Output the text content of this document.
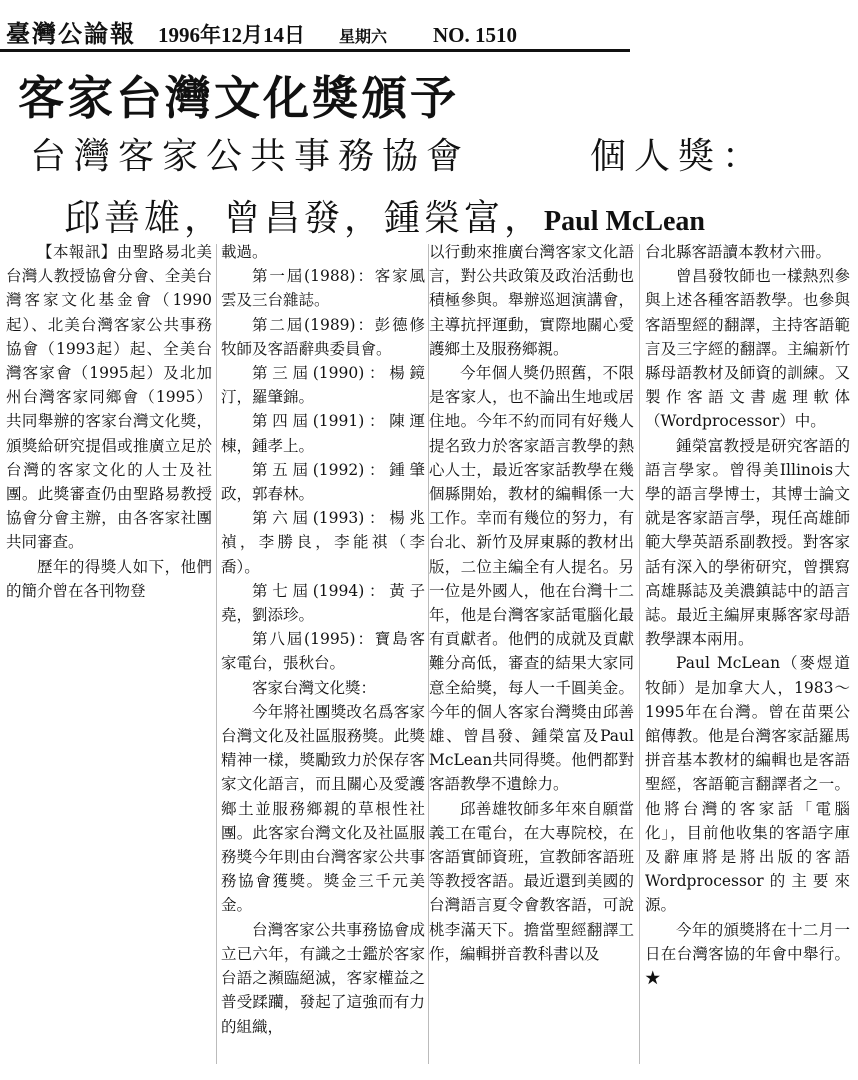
臺灣公論報 1996年12月14日 星期六 NO. 1510
客家台灣文化獎頒予
台灣客家公共事務協會	個人獎：
邱善雄，曾昌發，鍾榮富，Paul McLean

【本報訊】由聖路易北美台灣人教授協會分會、全美台灣客家文化基金會（1990起）、北美台灣客家公共事務協會（1993起）起、全美台灣客家會（1995起）及北加州台灣客家同鄉會（1995）共同舉辦的客家台灣文化獎，頒獎給研究提倡或推廣立足於台灣的客家文化的人士及社團。此獎審查仍由聖路易教授協會分會主辦，由各客家社團共同審查。

歷年的得獎人如下，他們的簡介曾在各刊物登

載過。

第一屆(1988)：客家風雲及三台雜誌。

第二屆(1989)：彭德修牧師及客語辭典委員會。

第三屆(1990)：楊鏡汀，羅肇錦。

第四屆(1991)：陳運棟，鍾孝上。

第五屆(1992)：鍾肇政，郭春林。

第六屆(1993)：楊兆禎，李勝良，李能祺（李喬）。

第七屆(1994)：黃子堯，劉添珍。

第八屆(1995)：寶島客家電台，張秋台。

客家台灣文化獎：

今年將社團獎改名爲客家台灣文化及社區服務獎。此獎精神一樣，獎勵致力於保存客家文化語言，而且關心及愛護鄉土並服務鄉親的草根性社團。此客家台灣文化及社區服務獎今年則由台灣客家公共事務協會獲獎。獎金三千元美金。

台灣客家公共事務協會成立已六年，有識之士鑑於客家台語之瀕臨絕滅，客家權益之普受蹂躪，發起了這強而有力的組織，

以行動來推廣台灣客家文化語言，對公共政策及政治活動也積極參與。舉辦巡迴演講會，主導抗抨運動，實際地關心愛護鄉土及服務鄉親。

今年個人獎仍照舊，不限是客家人，也不論出生地或居住地。今年不約而同有好幾人提名致力於客家語言教學的熱心人士，最近客家話教學在幾個縣開始，教材的編輯係一大工作。幸而有幾位的努力，有台北、新竹及屏東縣的教材出版，二位主編全有人提名。另一位是外國人，他在台灣十二年，他是台灣客家話電腦化最有貢獻者。他們的成就及貢獻難分高低，審查的結果大家同意全給獎，每人一千圓美金。今年的個人客家台灣獎由邱善雄、曾昌發、鍾榮富及Paul McLean共同得獎。他們都對客語教學不遺餘力。

邱善雄牧師多年來自願當義工在電台，在大專院校，在客語實師資班，宣教師客語班等教授客語。最近還到美國的台灣語言夏令會教客語，可說桃李滿天下。擔當聖經翻譯工作，編輯拼音教科書以及

台北縣客語讀本教材六冊。

曾昌發牧師也一樣熱烈參與上述各種客語教學。也參與客語聖經的翻譯，主持客語範言及三字經的翻譯。主編新竹縣母語教材及師資的訓練。又製作客語文書處理軟体（Wordprocessor）中。

鍾榮富教授是研究客語的語言學家。曾得美Illinois大學的語言學博士，其博士論文就是客家語言學，現任高雄師範大學英語系副教授。對客家話有深入的學術研究，曾撰寫高雄縣誌及美濃鎮誌中的語言誌。最近主編屏東縣客家母語教學課本兩用。

Paul McLean（麥煜道牧師）是加拿大人，1983～1995年在台灣。曾在苗栗公館傳教。他是台灣客家話羅馬拼音基本教材的編輯也是客語聖經，客語範言翻譯者之一。他將台灣的客家話「電腦化」，目前他收集的客語字庫及辭庫將是將出版的客語Wordprocessor的主要來源。

今年的頒獎將在十二月一日在台灣客協的年會中舉行。★
